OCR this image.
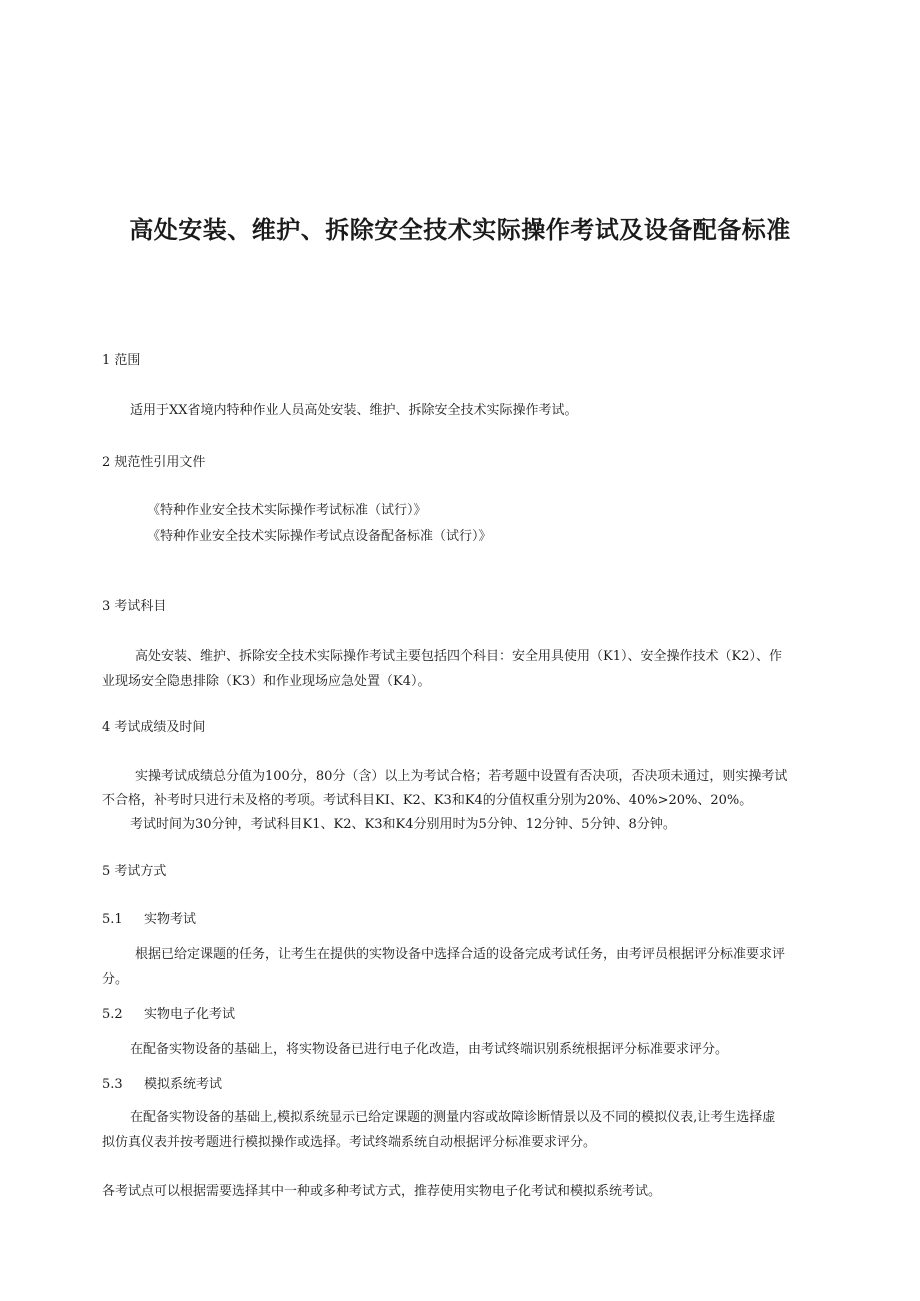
高处安装、维护、拆除安全技术实际操作考试及设备配备标准
1 范围
适用于XX省境内特种作业人员高处安装、维护、拆除安全技术实际操作考试。
2 规范性引用文件
《特种作业安全技术实际操作考试标准（试行）》
《特种作业安全技术实际操作考试点设备配备标准（试行）》
3 考试科目
高处安装、维护、拆除安全技术实际操作考试主要包括四个科目：安全用具使用（K1）、安全操作技术（K2）、作
业现场安全隐患排除（K3）和作业现场应急处置（K4）。
4 考试成绩及时间
实操考试成绩总分值为100分，80分（含）以上为考试合格；若考题中设置有否决项，否决项未通过，则实操考试
不合格，补考时只进行未及格的考项。考试科目KI、K2、K3和K4的分值权重分别为20%、40%>20%、20%。
考试时间为30分钟，考试科目K1、K2、K3和K4分别用时为5分钟、12分钟、5分钟、8分钟。
5 考试方式
5.1 实物考试
根据已给定课题的任务，让考生在提供的实物设备中选择合适的设备完成考试任务，由考评员根据评分标准要求评
分。
5.2 实物电子化考试
在配备实物设备的基础上，将实物设备已进行电子化改造，由考试终端识别系统根据评分标准要求评分。
5.3 模拟系统考试
在配备实物设备的基础上,模拟系统显示已给定课题的测量内容或故障诊断情景以及不同的模拟仪表,让考生选择虚
拟仿真仪表并按考题进行模拟操作或选择。考试终端系统自动根据评分标准要求评分。
各考试点可以根据需要选择其中一种或多种考试方式，推荐使用实物电子化考试和模拟系统考试。
